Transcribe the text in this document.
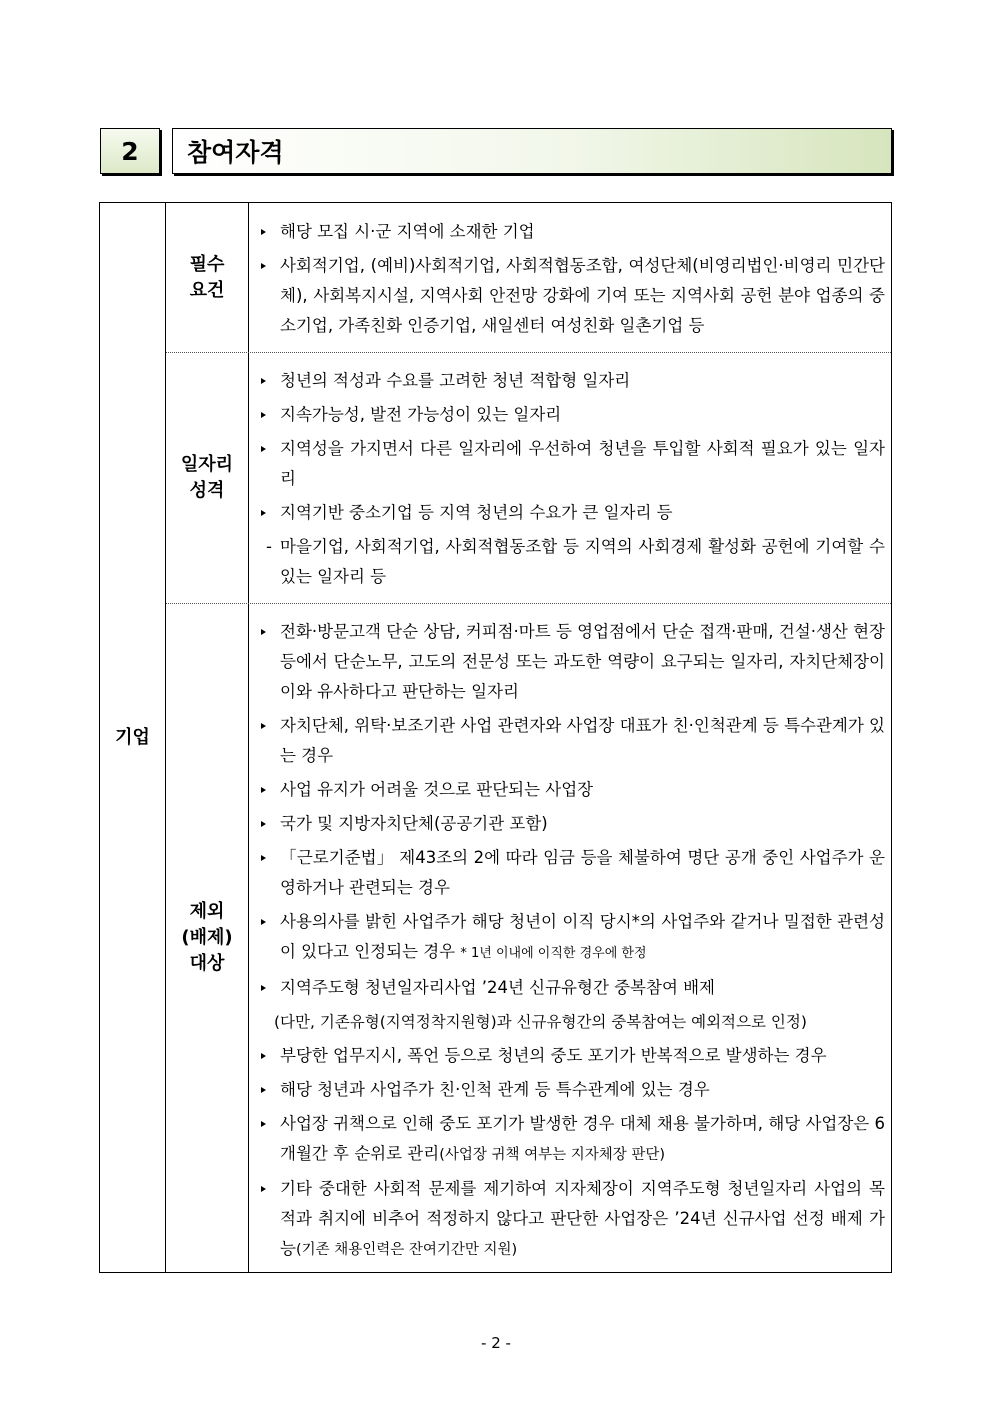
2	참여자격
기업
필수
요건
일자리
성격
제외
(배제)
대상
해당 모집 시·군 지역에 소재한 기업
사회적기업, (예비)사회적기업, 사회적협동조합, 여성단체(비영리법인·비영리 민간단체), 사회복지시설, 지역사회 안전망 강화에 기여 또는 지역사회 공헌 분야 업종의 중소기업, 가족친화 인증기업, 새일센터 여성친화 일촌기업 등
청년의 적성과 수요를 고려한 청년 적합형 일자리
지속가능성, 발전 가능성이 있는 일자리
지역성을 가지면서 다른 일자리에 우선하여 청년을 투입할 사회적 필요가 있는 일자리
지역기반 중소기업 등 지역 청년의 수요가 큰 일자리 등
- 마을기업, 사회적기업, 사회적협동조합 등 지역의 사회경제 활성화 공헌에 기여할 수 있는 일자리 등
전화·방문고객 단순 상담, 커피점·마트 등 영업점에서 단순 접객·판매, 건설·생산 현장 등에서 단순노무, 고도의 전문성 또는 과도한 역량이 요구되는 일자리, 자치단체장이 이와 유사하다고 판단하는 일자리
자치단체, 위탁·보조기관 사업 관련자와 사업장 대표가 친·인척관계 등 특수관계가 있는 경우
사업 유지가 어려울 것으로 판단되는 사업장
국가 및 지방자치단체(공공기관 포함)
「근로기준법」 제43조의 2에 따라 임금 등을 체불하여 명단 공개 중인 사업주가 운영하거나 관련되는 경우
사용의사를 밝힌 사업주가 해당 청년이 이직 당시*의 사업주와 같거나 밀접한 관련성이 있다고 인정되는 경우 * 1년 이내에 이직한 경우에 한정
지역주도형 청년일자리사업 ’24년 신규유형간 중복참여 배제
(다만, 기존유형(지역정착지원형)과 신규유형간의 중복참여는 예외적으로 인정)
부당한 업무지시, 폭언 등으로 청년의 중도 포기가 반복적으로 발생하는 경우
해당 청년과 사업주가 친·인척 관계 등 특수관계에 있는 경우
사업장 귀책으로 인해 중도 포기가 발생한 경우 대체 채용 불가하며, 해당 사업장은 6개월간 후 순위로 관리(사업장 귀책 여부는 지자체장 판단)
기타 중대한 사회적 문제를 제기하여 지자체장이 지역주도형 청년일자리 사업의 목적과 취지에 비추어 적정하지 않다고 판단한 사업장은 ’24년 신규사업 선정 배제 가능(기존 채용인력은 잔여기간만 지원)
- 2 -
